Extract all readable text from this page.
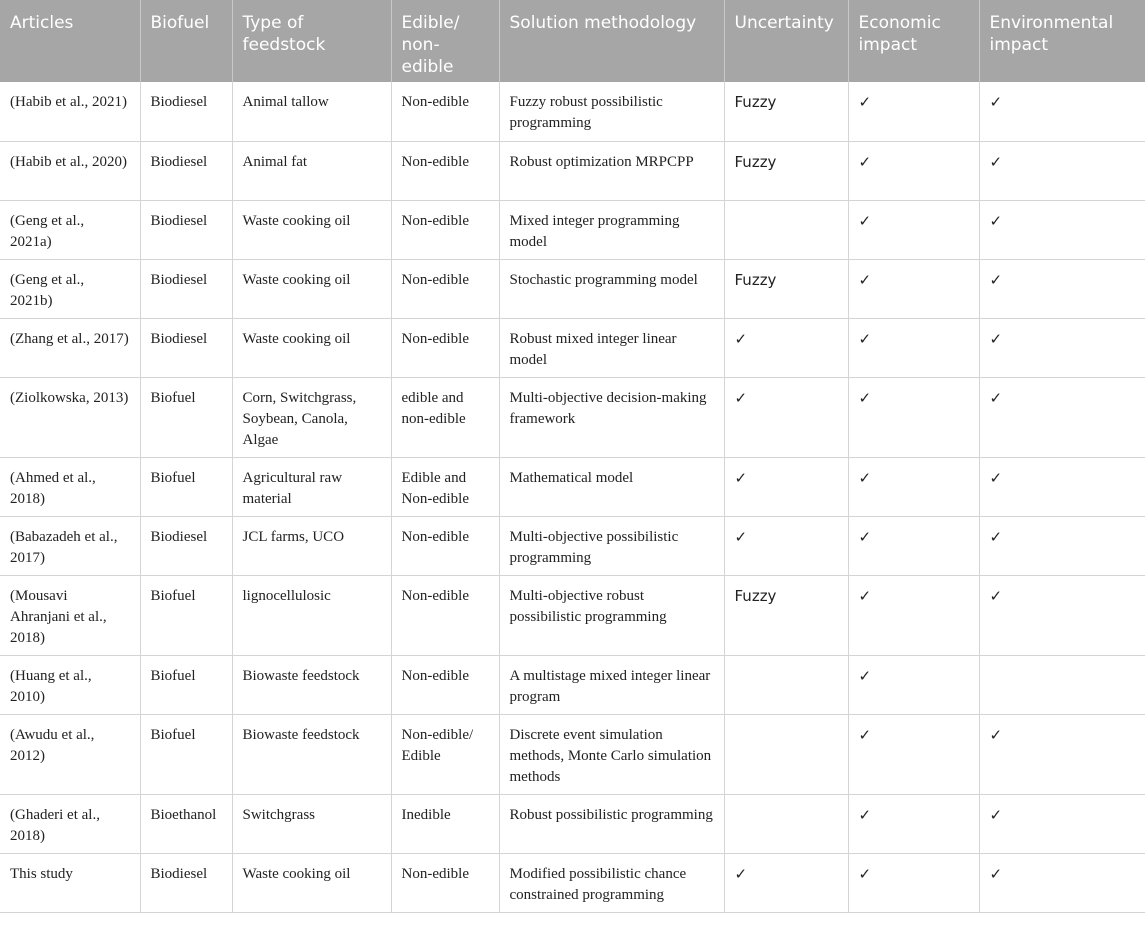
Articles	Biofuel	Type of feedstock	Edible/
non-
edible	Solution methodology	Uncertainty	Economic impact	Environmental impact
(Habib et al., 2021)	Biodiesel	Animal tallow	Non-edible	Fuzzy robust possibilistic programming	Fuzzy	✓	✓
(Habib et al., 2020)	Biodiesel	Animal fat	Non-edible	Robust optimization MRPCPP	Fuzzy	✓	✓
(Geng et al., 2021a)	Biodiesel	Waste cooking oil	Non-edible	Mixed integer programming model		✓	✓
(Geng et al., 2021b)	Biodiesel	Waste cooking oil	Non-edible	Stochastic programming model	Fuzzy	✓	✓
(Zhang et al., 2017)	Biodiesel	Waste cooking oil	Non-edible	Robust mixed integer linear model	✓	✓	✓
(Ziolkowska, 2013)	Biofuel	Corn, Switchgrass, Soybean, Canola, Algae	edible and non-edible	Multi-objective decision-making framework	✓	✓	✓
(Ahmed et al., 2018)	Biofuel	Agricultural raw material	Edible and Non-edible	Mathematical model	✓	✓	✓
(Babazadeh et al., 2017)	Biodiesel	JCL farms, UCO	Non-edible	Multi-objective possibilistic programming	✓	✓	✓
(Mousavi Ahranjani et al., 2018)	Biofuel	lignocellulosic	Non-edible	Multi-objective robust possibilistic programming	Fuzzy	✓	✓
(Huang et al., 2010)	Biofuel	Biowaste feedstock	Non-edible	A multistage mixed integer linear program		✓	
(Awudu et al., 2012)	Biofuel	Biowaste feedstock	Non-edible/ Edible	Discrete event simulation methods, Monte Carlo simulation methods		✓	✓
(Ghaderi et al., 2018)	Bioethanol	Switchgrass	Inedible	Robust possibilistic programming		✓	✓
This study	Biodiesel	Waste cooking oil	Non-edible	Modified possibilistic chance constrained programming	✓	✓	✓
